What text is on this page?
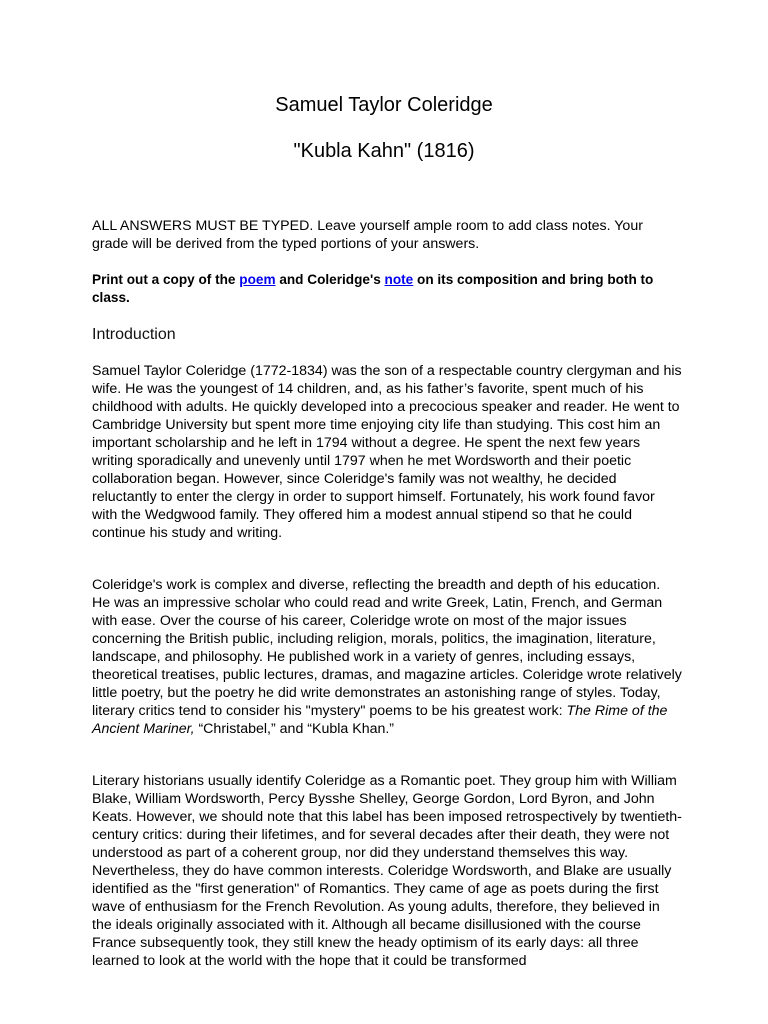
Samuel Taylor Coleridge
"Kubla Kahn" (1816)

ALL ANSWERS MUST BE TYPED. Leave yourself ample room to add class notes. Your grade will be derived from the typed portions of your answers.

Print out a copy of the poem and Coleridge's note on its composition and bring both to class.

Introduction

Samuel Taylor Coleridge (1772-1834) was the son of a respectable country clergyman and his wife. He was the youngest of 14 children, and, as his father’s favorite, spent much of his childhood with adults. He quickly developed into a precocious speaker and reader. He went to Cambridge University but spent more time enjoying city life than studying. This cost him an important scholarship and he left in 1794 without a degree. He spent the next few years writing sporadically and unevenly until 1797 when he met Wordsworth and their poetic collaboration began. However, since Coleridge's family was not wealthy, he decided reluctantly to enter the clergy in order to support himself. Fortunately, his work found favor with the Wedgwood family. They offered him a modest annual stipend so that he could continue his study and writing.

Coleridge's work is complex and diverse, reflecting the breadth and depth of his education. He was an impressive scholar who could read and write Greek, Latin, French, and German with ease. Over the course of his career, Coleridge wrote on most of the major issues concerning the British public, including religion, morals, politics, the imagination, literature, landscape, and philosophy. He published work in a variety of genres, including essays, theoretical treatises, public lectures, dramas, and magazine articles. Coleridge wrote relatively little poetry, but the poetry he did write demonstrates an astonishing range of styles. Today, literary critics tend to consider his "mystery" poems to be his greatest work: The Rime of the Ancient Mariner, “Christabel,” and “Kubla Khan.”

Literary historians usually identify Coleridge as a Romantic poet. They group him with William Blake, William Wordsworth, Percy Bysshe Shelley, George Gordon, Lord Byron, and John Keats. However, we should note that this label has been imposed retrospectively by twentieth-century critics: during their lifetimes, and for several decades after their death, they were not understood as part of a coherent group, nor did they understand themselves this way. Nevertheless, they do have common interests. Coleridge Wordsworth, and Blake are usually identified as the "first generation" of Romantics. They came of age as poets during the first wave of enthusiasm for the French Revolution. As young adults, therefore, they believed in the ideals originally associated with it. Although all became disillusioned with the course France subsequently took, they still knew the heady optimism of its early days: all three learned to look at the world with the hope that it could be transformed
